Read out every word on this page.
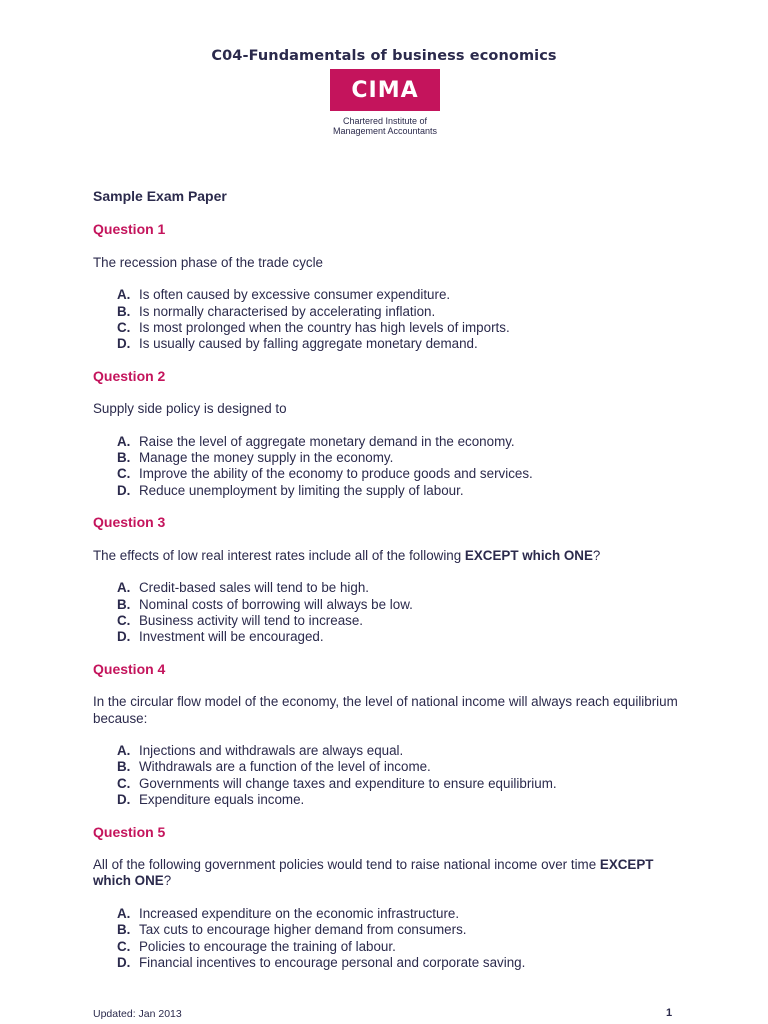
C04-Fundamentals of business economics
CIMA
Chartered Institute of
Management Accountants
Sample Exam Paper
Question 1
The recession phase of the trade cycle
A. Is often caused by excessive consumer expenditure.
B. Is normally characterised by accelerating inflation.
C. Is most prolonged when the country has high levels of imports.
D. Is usually caused by falling aggregate monetary demand.
Question 2
Supply side policy is designed to
A. Raise the level of aggregate monetary demand in the economy.
B. Manage the money supply in the economy.
C. Improve the ability of the economy to produce goods and services.
D. Reduce unemployment by limiting the supply of labour.
Question 3
The effects of low real interest rates include all of the following EXCEPT which ONE?
A. Credit-based sales will tend to be high.
B. Nominal costs of borrowing will always be low.
C. Business activity will tend to increase.
D. Investment will be encouraged.
Question 4
In the circular flow model of the economy, the level of national income will always reach equilibrium because:
A. Injections and withdrawals are always equal.
B. Withdrawals are a function of the level of income.
C. Governments will change taxes and expenditure to ensure equilibrium.
D. Expenditure equals income.
Question 5
All of the following government policies would tend to raise national income over time EXCEPT which ONE?
A. Increased expenditure on the economic infrastructure.
B. Tax cuts to encourage higher demand from consumers.
C. Policies to encourage the training of labour.
D. Financial incentives to encourage personal and corporate saving.
Updated: Jan 2013	1
